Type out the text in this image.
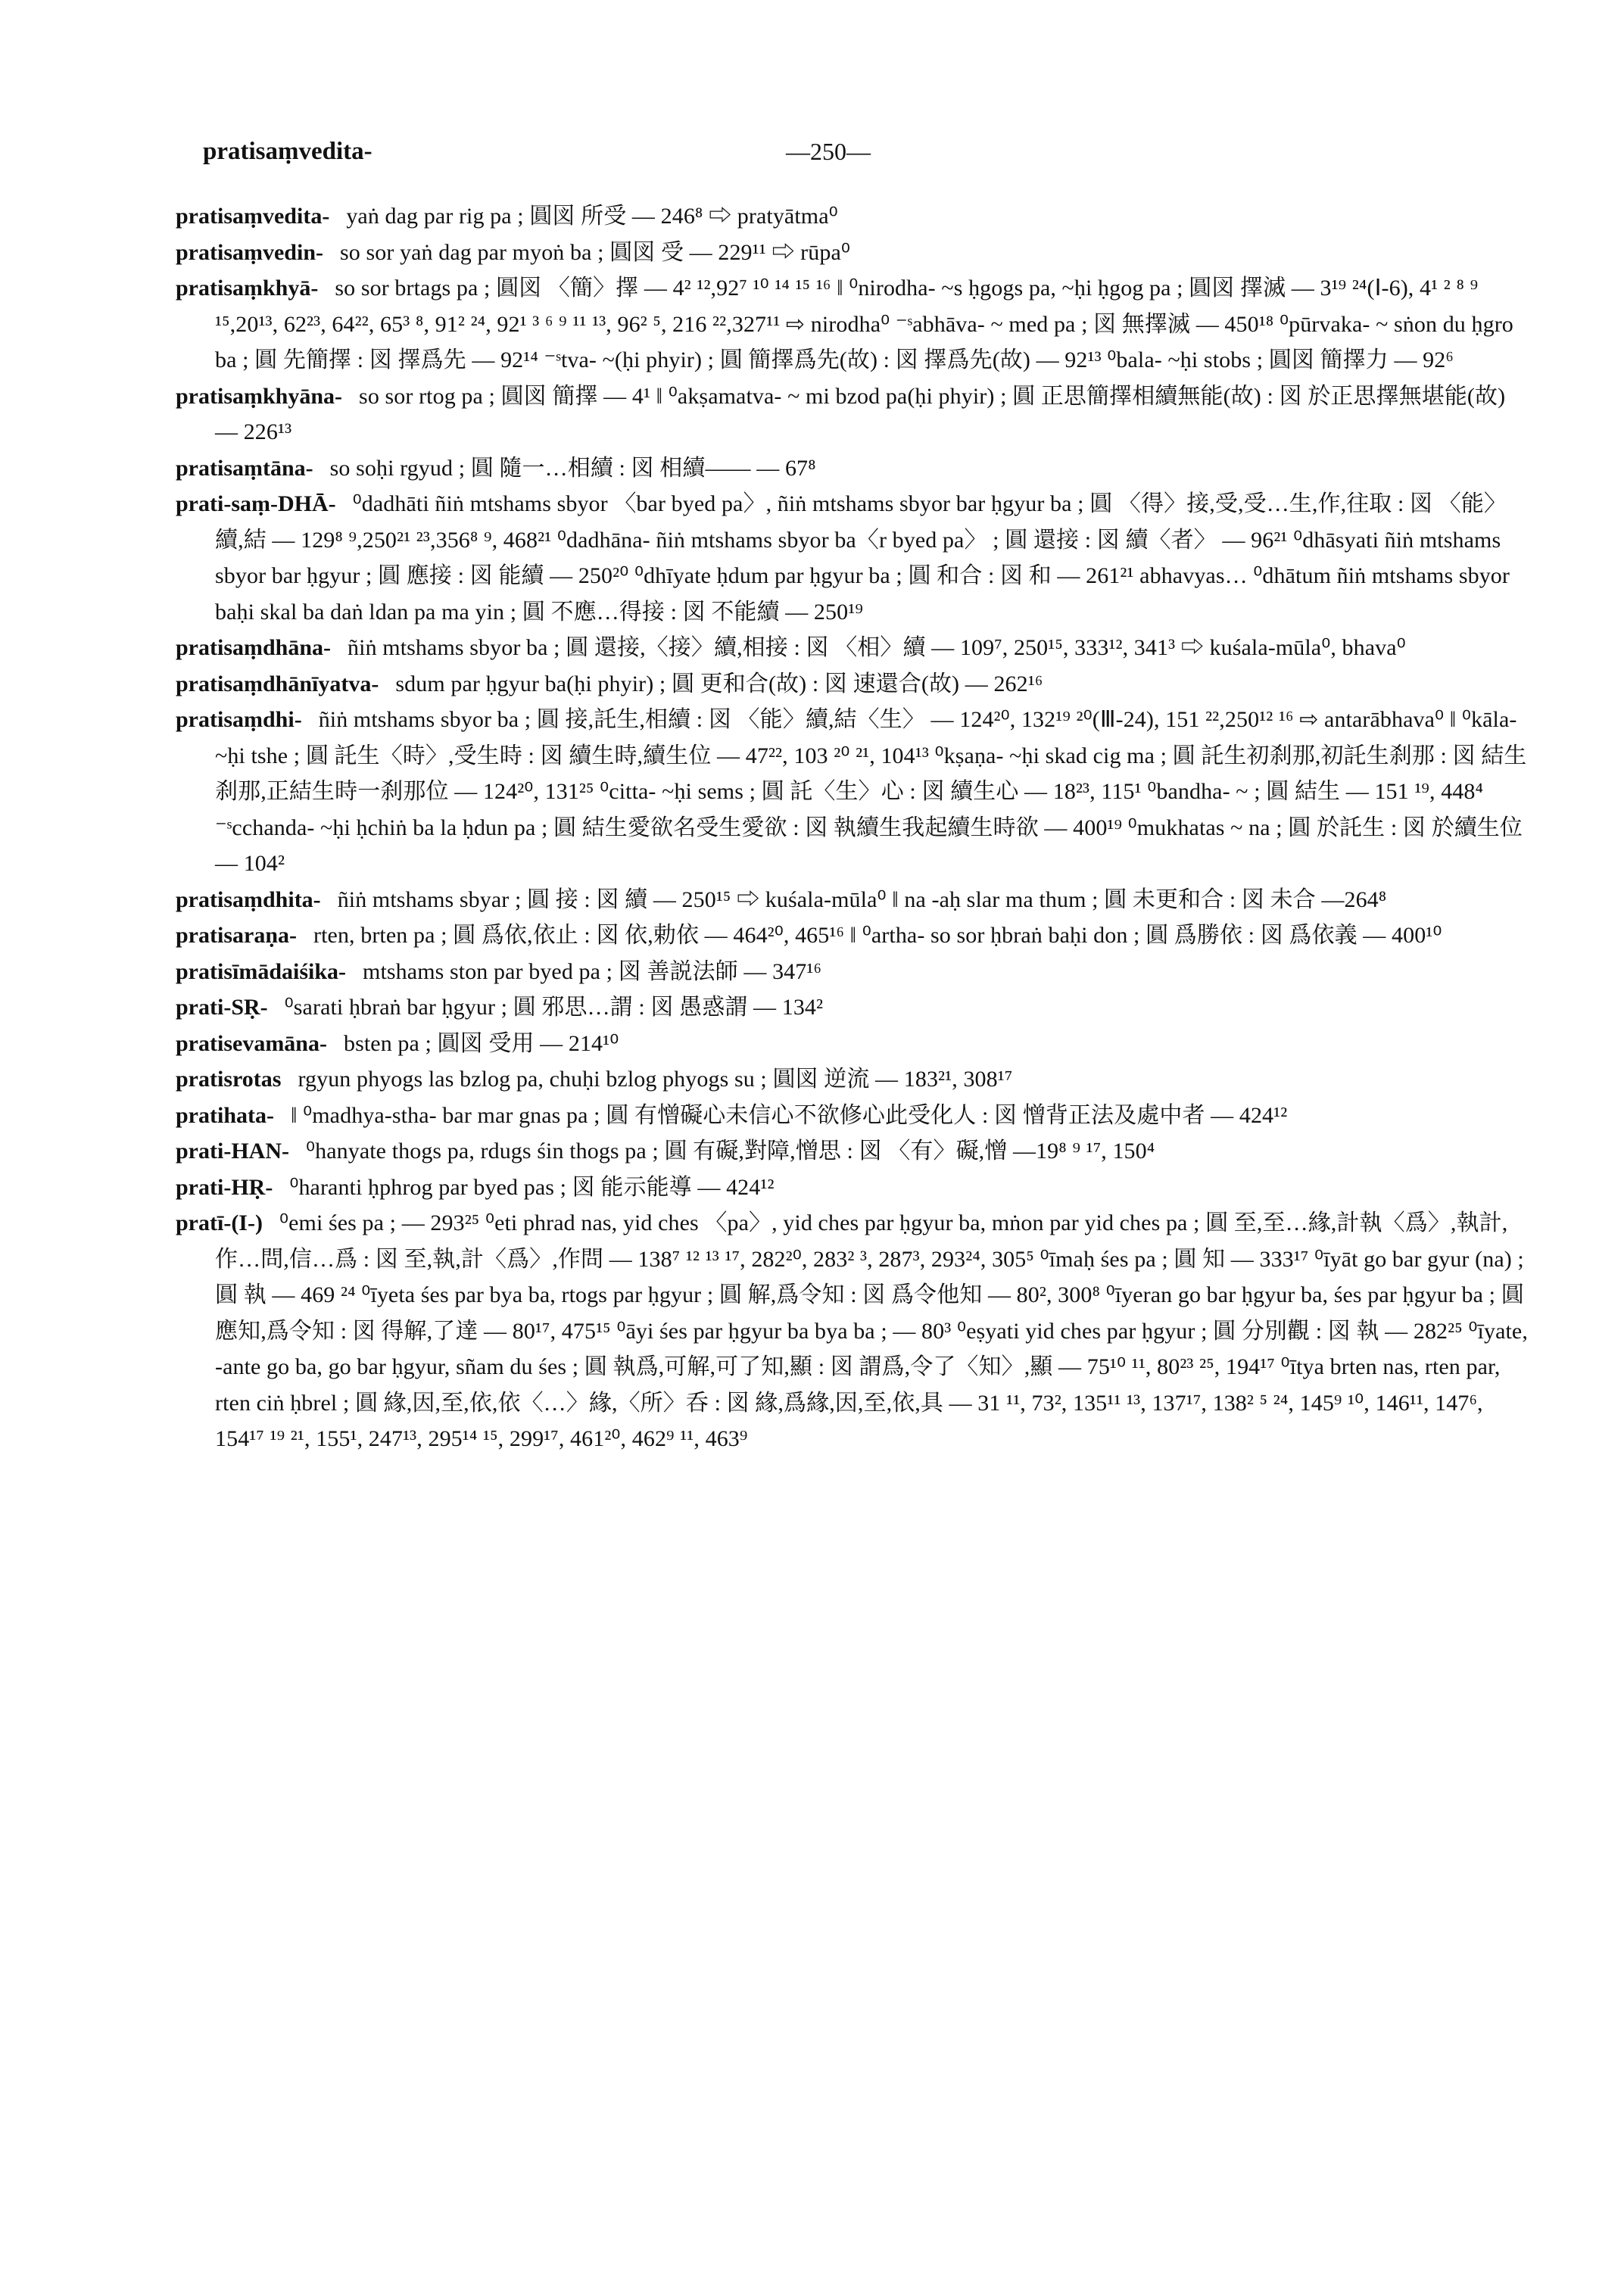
pratisaṃvedita-	—250—

pratisaṃvedita- yaṅ dag par rig pa ; 圓図 所受 — 246⁸ ⇨ pratyātma⁰

pratisaṃvedin- so sor yaṅ dag par myoṅ ba ; 圓図 受 — 229¹¹ ⇨ rūpa⁰

pratisaṃkhyā- so sor brtags pa ; 圓図 〈簡〉擇 — 4² ¹²,92⁷ ¹⁰ ¹⁴ ¹⁵ ¹⁶ ‖ ⁰nirodha- ~s ḥgogs pa, ~ḥi ḥgog pa ; 圓図 擇滅 — 3¹⁹ ²⁴(Ⅰ-6), 4¹ ² ⁸ ⁹ ¹⁵,20¹³, 62²³, 64²², 65³ ⁸, 91² ²⁴, 92¹ ³ ⁶ ⁹ ¹¹ ¹³, 96² ⁵, 216 ²²,327¹¹ ⇨ nirodha⁰ ⁻ˢabhāva- ~ med pa ; 図 無擇滅 — 450¹⁸ ⁰pūrvaka- ~ sṅon du ḥgro ba ; 圓 先簡擇 : 図 擇爲先 — 92¹⁴ ⁻ˢtva- ~(ḥi phyir) ; 圓 簡擇爲先(故) : 図 擇爲先(故) — 92¹³ ⁰bala- ~ḥi stobs ; 圓図 簡擇力 — 92⁶

pratisaṃkhyāna- so sor rtog pa ; 圓図 簡擇 — 4¹ ‖ ⁰akṣamatva- ~ mi bzod pa(ḥi phyir) ; 圓 正思簡擇相續無能(故) : 図 於正思擇無堪能(故) — 226¹³

pratisaṃtāna- so soḥi rgyud ; 圓 隨一…相續 : 図 相續—— — 67⁸

prati-saṃ-DHĀ- ⁰dadhāti ñiṅ mtshams sbyor 〈bar byed pa〉, ñiṅ mtshams sbyor bar ḥgyur ba ; 圓 〈得〉接,受,受…生,作,往取 : 図 〈能〉續,結 — 129⁸ ⁹,250²¹ ²³,356⁸ ⁹, 468²¹ ⁰dadhāna- ñiṅ mtshams sbyor ba〈r byed pa〉 ; 圓 還接 : 図 續〈者〉 — 96²¹ ⁰dhāsyati ñiṅ mtshams sbyor bar ḥgyur ; 圓 應接 : 図 能續 — 250²⁰ ⁰dhīyate ḥdum par ḥgyur ba ; 圓 和合 : 図 和 — 261²¹ abhavyas… ⁰dhātum ñiṅ mtshams sbyor baḥi skal ba daṅ ldan pa ma yin ; 圓 不應…得接 : 図 不能續 — 250¹⁹

pratisaṃdhāna- ñiṅ mtshams sbyor ba ; 圓 還接,〈接〉續,相接 : 図 〈相〉續 — 109⁷, 250¹⁵, 333¹², 341³ ⇨ kuśala-mūla⁰, bhava⁰

pratisaṃdhānīyatva- sdum par ḥgyur ba(ḥi phyir) ; 圓 更和合(故) : 図 速還合(故) — 262¹⁶

pratisaṃdhi- ñiṅ mtshams sbyor ba ; 圓 接,託生,相續 : 図 〈能〉續,結〈生〉 — 124²⁰, 132¹⁹ ²⁰(Ⅲ-24), 151 ²²,250¹² ¹⁶ ⇨ antarābhava⁰ ‖ ⁰kāla- ~ḥi tshe ; 圓 託生〈時〉,受生時 : 図 續生時,續生位 — 47²², 103 ²⁰ ²¹, 104¹³ ⁰kṣaṇa- ~ḥi skad cig ma ; 圓 託生初刹那,初託生刹那 : 図 結生刹那,正結生時一刹那位 — 124²⁰, 131²⁵ ⁰citta- ~ḥi sems ; 圓 託〈生〉心 : 図 續生心 — 18²³, 115¹ ⁰bandha- ~ ; 圓 結生 — 151 ¹⁹, 448⁴ ⁻ˢcchanda- ~ḥi ḥchiṅ ba la ḥdun pa ; 圓 結生愛欲名受生愛欲 : 図 執續生我起續生時欲 — 400¹⁹ ⁰mukhatas ~ na ; 圓 於託生 : 図 於續生位 — 104²

pratisaṃdhita- ñiṅ mtshams sbyar ; 圓 接 : 図 續 — 250¹⁵ ⇨ kuśala-mūla⁰ ‖ na -aḥ slar ma thum ; 圓 未更和合 : 図 未合 —264⁸

pratisaraṇa- rten, brten pa ; 圓 爲依,依止 : 図 依,勅依 — 464²⁰, 465¹⁶ ‖ ⁰artha- so sor ḥbraṅ baḥi don ; 圓 爲勝依 : 図 爲依義 — 400¹⁰

pratisīmādaiśika- mtshams ston par byed pa ; 図 善説法師 — 347¹⁶

prati-SṚ- ⁰sarati ḥbraṅ bar ḥgyur ; 圓 邪思…謂 : 図 愚惑謂 — 134²

pratisevamāna- bsten pa ; 圓図 受用 — 214¹⁰

pratisrotas rgyun phyogs las bzlog pa, chuḥi bzlog phyogs su ; 圓図 逆流 — 183²¹, 308¹⁷

pratihata- ‖ ⁰madhya-stha- bar mar gnas pa ; 圓 有憎礙心未信心不欲修心此受化人 : 図 憎背正法及處中者 — 424¹²

prati-HAN- ⁰hanyate thogs pa, rdugs śin thogs pa ; 圓 有礙,對障,憎思 : 図 〈有〉礙,憎 —19⁸ ⁹ ¹⁷, 150⁴

prati-HṚ- ⁰haranti ḥphrog par byed pas ; 図 能示能導 — 424¹²

pratī-(I-) ⁰emi śes pa ; — 293²⁵ ⁰eti phrad nas, yid ches 〈pa〉, yid ches par ḥgyur ba, mṅon par yid ches pa ; 圓 至,至…緣,計執〈爲〉,執計,作…問,信…爲 : 図 至,執,計〈爲〉,作問 — 138⁷ ¹² ¹³ ¹⁷, 282²⁰, 283² ³, 287³, 293²⁴, 305⁵ ⁰īmaḥ śes pa ; 圓 知 — 333¹⁷ ⁰īyāt go bar gyur (na) ; 圓 執 — 469 ²⁴ ⁰īyeta śes par bya ba, rtogs par ḥgyur ; 圓 解,爲令知 : 図 爲令他知 — 80², 300⁸ ⁰īyeran go bar ḥgyur ba, śes par ḥgyur ba ; 圓 應知,爲令知 : 図 得解,了達 — 80¹⁷, 475¹⁵ ⁰āyi śes par ḥgyur ba bya ba ; — 80³ ⁰eṣyati yid ches par ḥgyur ; 圓 分別觀 : 図 執 — 282²⁵ ⁰īyate, -ante go ba, go bar ḥgyur, sñam du śes ; 圓 執爲,可解,可了知,顯 : 図 謂爲,令了〈知〉,顯 — 75¹⁰ ¹¹, 80²³ ²⁵, 194¹⁷ ⁰ītya brten nas, rten par, rten ciṅ ḥbrel ; 圓 緣,因,至,依,依〈…〉緣,〈所〉呑 : 図 緣,爲緣,因,至,依,具 — 31 ¹¹, 73², 135¹¹ ¹³, 137¹⁷, 138² ⁵ ²⁴, 145⁹ ¹⁰, 146¹¹, 147⁶, 154¹⁷ ¹⁹ ²¹, 155¹, 247¹³, 295¹⁴ ¹⁵, 299¹⁷, 461²⁰, 462⁹ ¹¹, 463⁹
